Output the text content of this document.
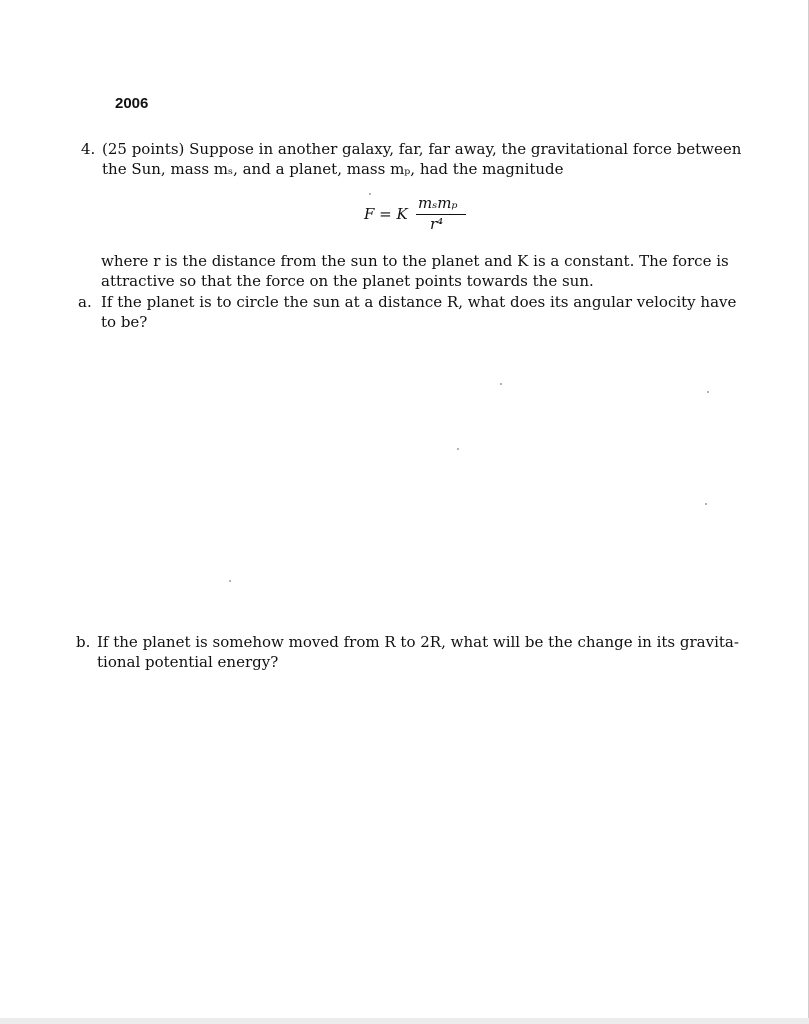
2006
4. (25 points) Suppose in another galaxy, far, far away, the gravitational force between
the Sun, mass mₛ, and a planet, mass mₚ, had the magnitude
F = K
mₛmₚ
r⁴
where r is the distance from the sun to the planet and K is a constant. The force is
attractive so that the force on the planet points towards the sun.
a. If the planet is to circle the sun at a distance R, what does its angular velocity have
to be?
b. If the planet is somehow moved from R to 2R, what will be the change in its gravita-
tional potential energy?
